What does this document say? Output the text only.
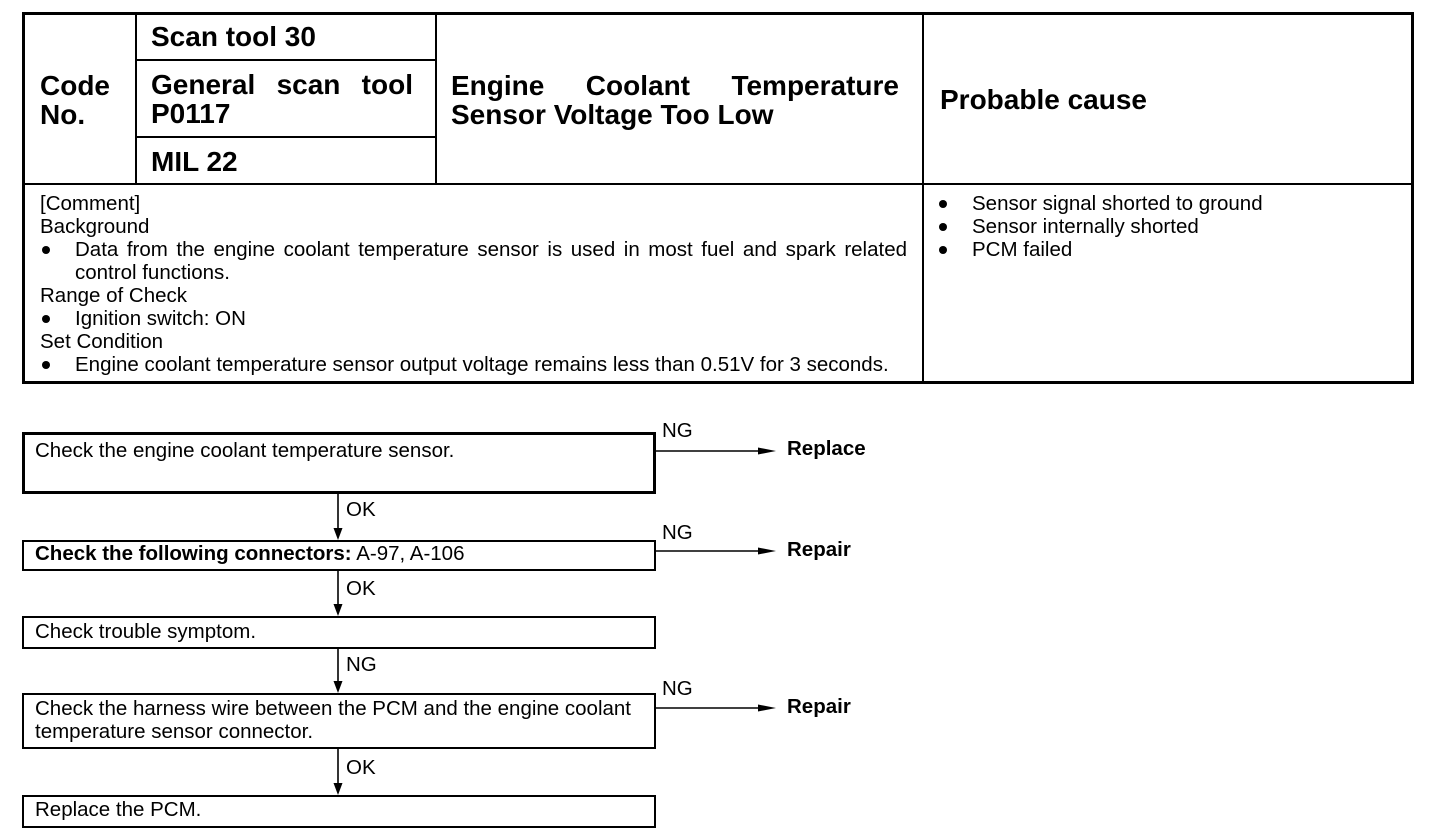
Code
No.
Scan tool 30
General scan tool
P0117
MIL 22
Engine Coolant Temperature
Sensor Voltage Too Low	Probable cause
[Comment]
Background
Data from the engine coolant temperature sensor is used in most fuel and spark related
control functions.
Range of Check
Ignition switch: ON
Set Condition
Engine coolant temperature sensor output voltage remains less than 0.51V for 3 seconds.
Sensor signal shorted to ground
Sensor internally shorted
PCM failed
Check the engine coolant temperature sensor.
Check the following connectors: A-97, A-106
Check trouble symptom.
Check the harness wire between the PCM and the engine coolant
temperature sensor connector.
Replace the PCM.
OK
OK
NG
OK
NG
Replace
NG
Repair
NG
Repair
